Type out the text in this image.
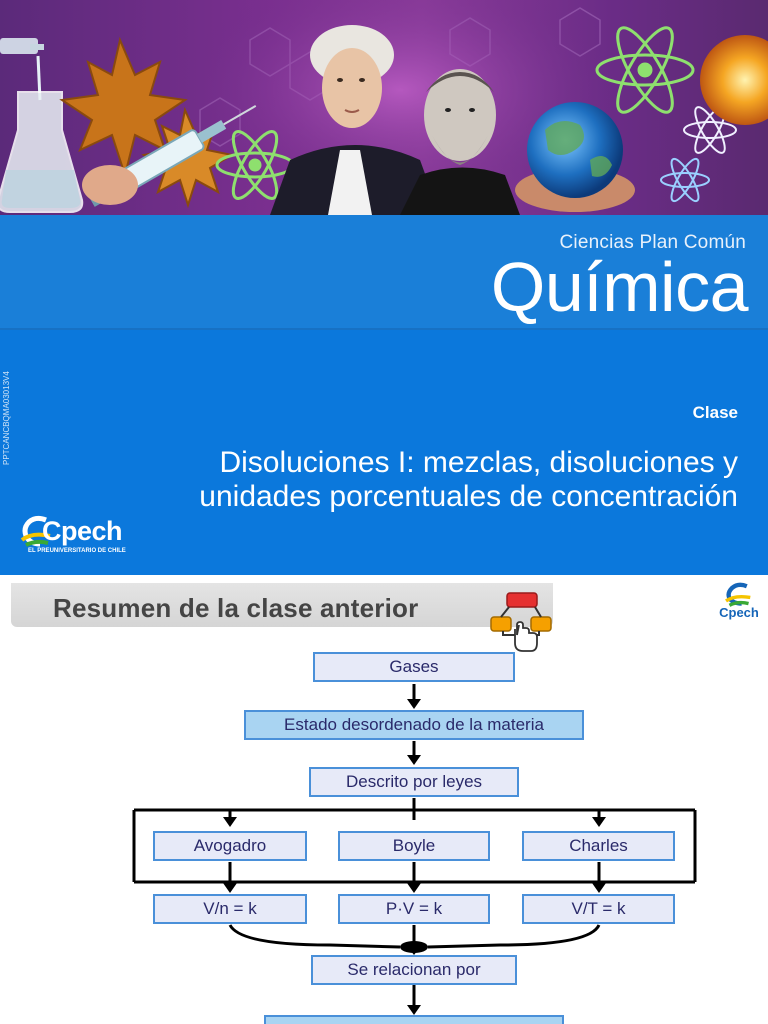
Ciencias Plan Común
Química
PPTCANCBQMA03013V4	Clase
Disoluciones I: mezclas, disoluciones y
unidades porcentuales de concentración
Cpech
EL PREUNIVERSITARIO DE CHILE
Resumen de la clase anterior	Cpech
Gases
Estado desordenado de la materia
Descrito por leyes
Avogadro	Boyle	Charles
V/n = k	P·V = k	V/T = k
Se relacionan por
